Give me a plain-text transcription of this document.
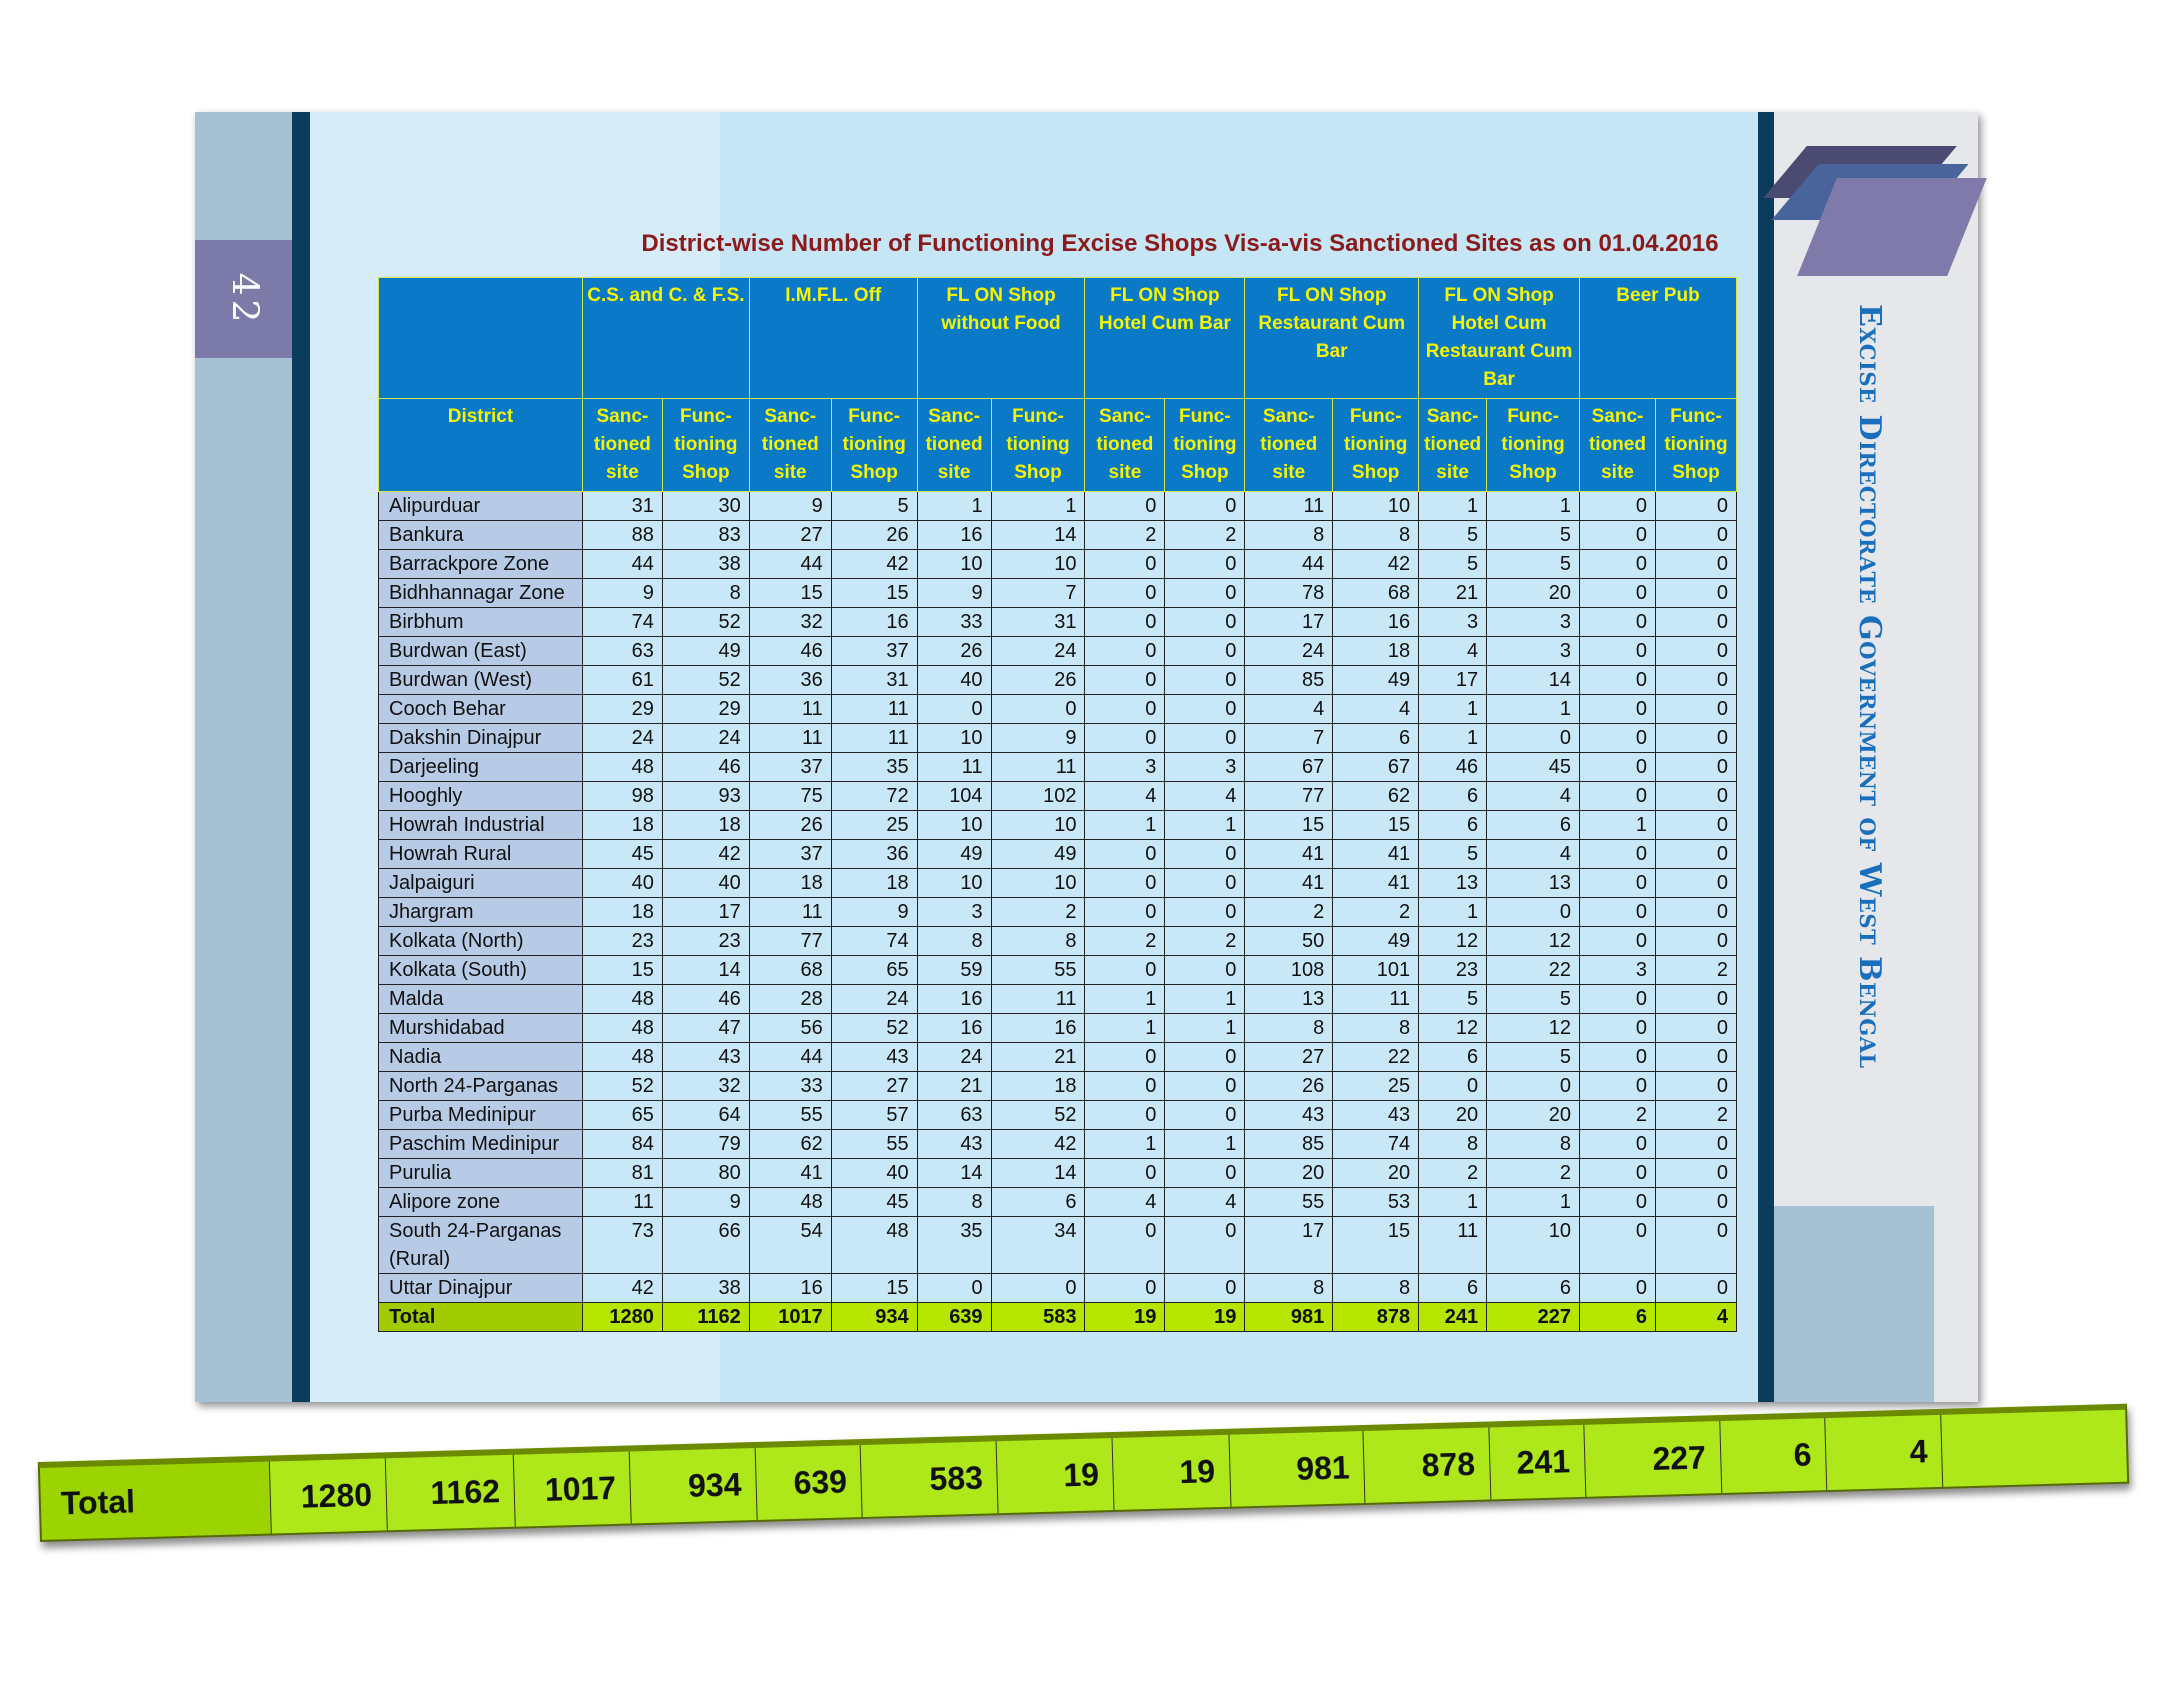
42
Excise Directorate Government of West Bengal
District-wise Number of Functioning Excise Shops Vis-a-vis Sanctioned Sites as on 01.04.2016
	C.S. and C. & F.S.		I.M.F.L. Off		FL ON Shop without Food		FL ON Shop Hotel Cum Bar		FL ON Shop Restaurant Cum Bar		FL ON Shop Hotel Cum Restaurant Cum Bar		Beer Pub	
District	Sanc- tioned site	Func- tioning Shop	Sanc- tioned site	Func- tioning Shop	Sanc- tioned site	Func- tioning Shop	Sanc- tioned site	Func- tioning Shop	Sanc- tioned site	Func- tioning Shop	Sanc- tioned site	Func- tioning Shop	Sanc- tioned site	Func- tioning Shop
Alipurduar	31	30	9	5	1	1	0	0	11	10	1	1	0	0
Bankura	88	83	27	26	16	14	2	2	8	8	5	5	0	0
Barrackpore Zone	44	38	44	42	10	10	0	0	44	42	5	5	0	0
Bidhhannagar Zone	9	8	15	15	9	7	0	0	78	68	21	20	0	0
Birbhum	74	52	32	16	33	31	0	0	17	16	3	3	0	0
Burdwan (East)	63	49	46	37	26	24	0	0	24	18	4	3	0	0
Burdwan (West)	61	52	36	31	40	26	0	0	85	49	17	14	0	0
Cooch Behar	29	29	11	11	0	0	0	0	4	4	1	1	0	0
Dakshin Dinajpur	24	24	11	11	10	9	0	0	7	6	1	0	0	0
Darjeeling	48	46	37	35	11	11	3	3	67	67	46	45	0	0
Hooghly	98	93	75	72	104	102	4	4	77	62	6	4	0	0
Howrah Industrial	18	18	26	25	10	10	1	1	15	15	6	6	1	0
Howrah Rural	45	42	37	36	49	49	0	0	41	41	5	4	0	0
Jalpaiguri	40	40	18	18	10	10	0	0	41	41	13	13	0	0
Jhargram	18	17	11	9	3	2	0	0	2	2	1	0	0	0
Kolkata (North)	23	23	77	74	8	8	2	2	50	49	12	12	0	0
Kolkata (South)	15	14	68	65	59	55	0	0	108	101	23	22	3	2
Malda	48	46	28	24	16	11	1	1	13	11	5	5	0	0
Murshidabad	48	47	56	52	16	16	1	1	8	8	12	12	0	0
Nadia	48	43	44	43	24	21	0	0	27	22	6	5	0	0
North 24-Parganas	52	32	33	27	21	18	0	0	26	25	0	0	0	0
Purba Medinipur	65	64	55	57	63	52	0	0	43	43	20	20	2	2
Paschim Medinipur	84	79	62	55	43	42	1	1	85	74	8	8	0	0
Purulia	81	80	41	40	14	14	0	0	20	20	2	2	0	0
Alipore zone	11	9	48	45	8	6	4	4	55	53	1	1	0	0
South 24-Parganas (Rural)	73	66	54	48	35	34	0	0	17	15	11	10	0	0
Uttar Dinajpur	42	38	16	15	0	0	0	0	8	8	6	6	0	0
Total	1280	1162	1017	934	639	583	19	19	981	878	241	227	6	4
Total	1280	1162	1017	934	639	583	19	19	981	878	241	227	6	4
